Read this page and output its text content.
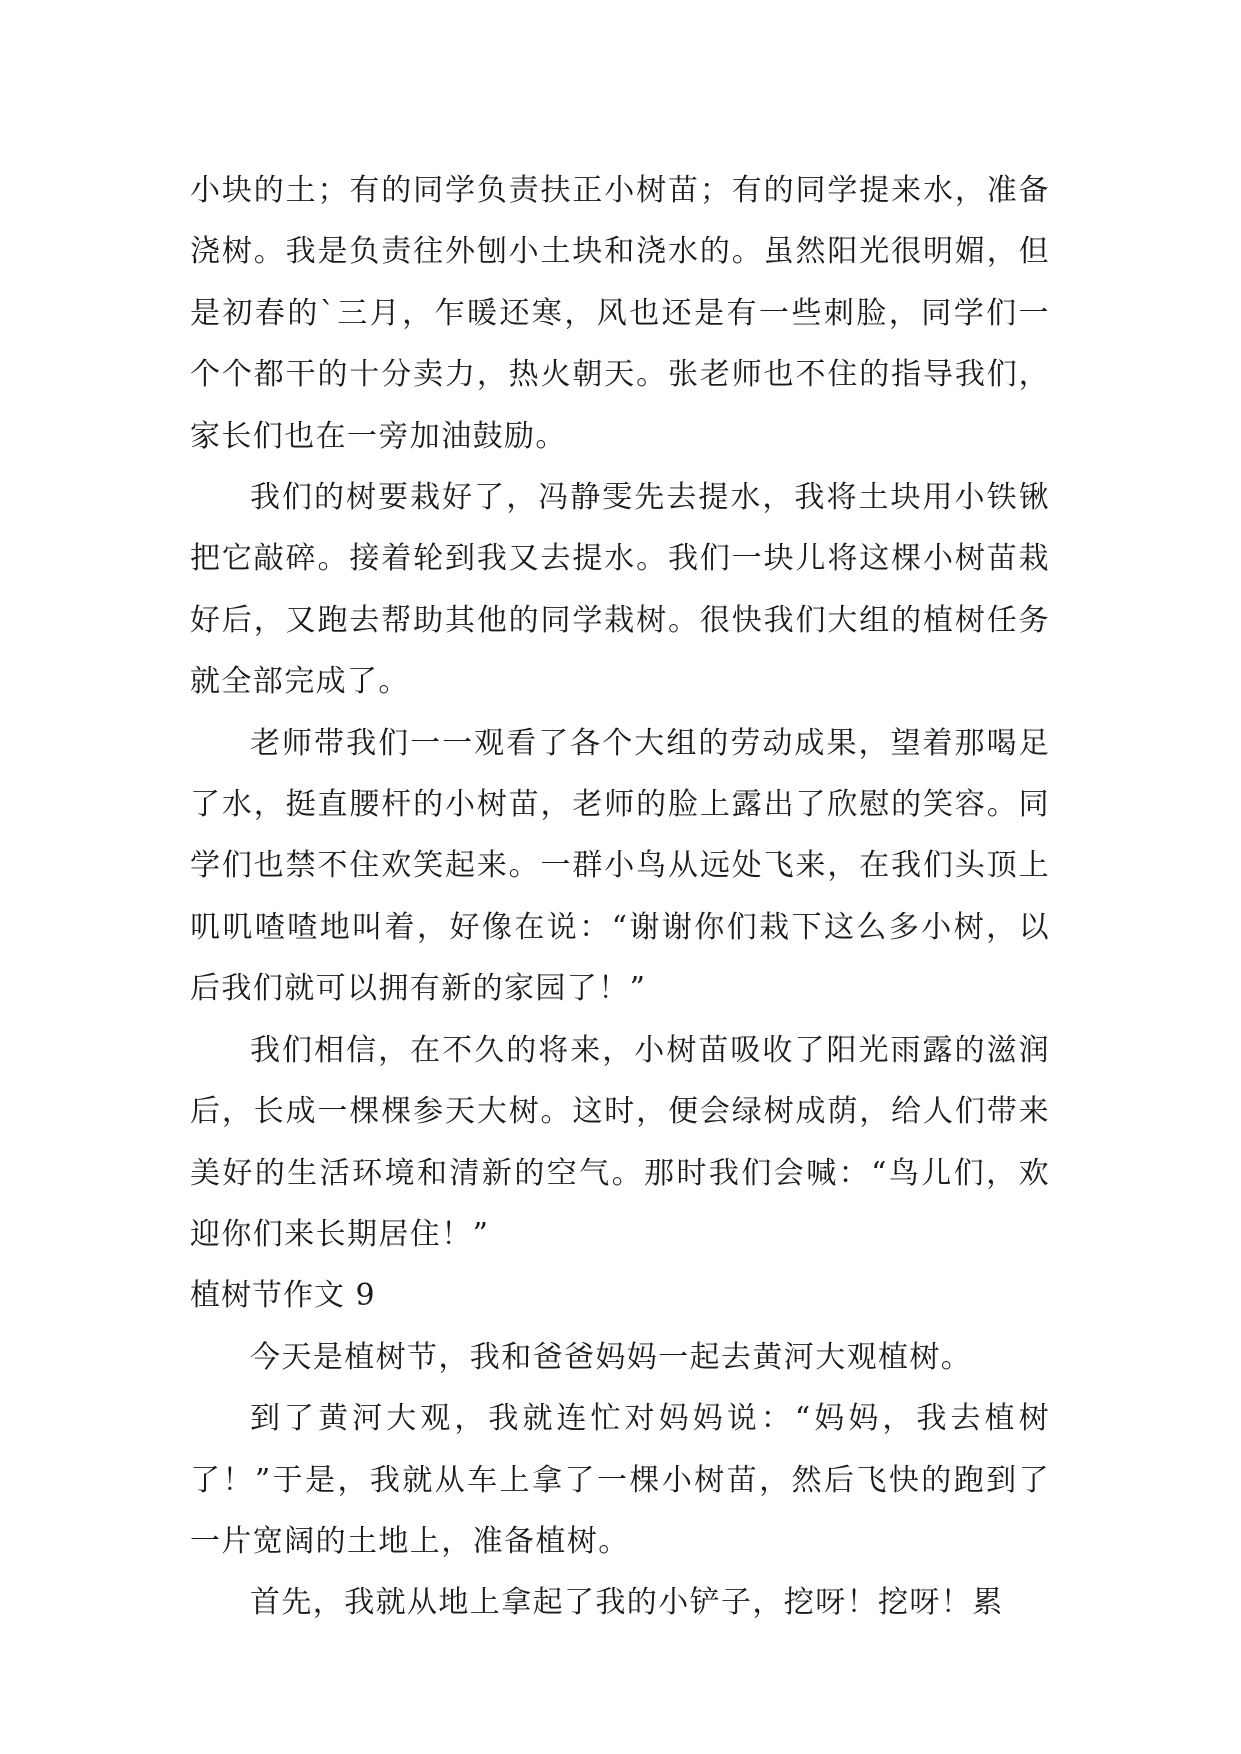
小块的土；有的同学负责扶正小树苗；有的同学提来水，准备浇树。我是负责往外刨小土块和浇水的。虽然阳光很明媚，但是初春的`三月，乍暖还寒，风也还是有一些刺脸，同学们一个个都干的十分卖力，热火朝天。张老师也不住的指导我们，家长们也在一旁加油鼓励。

我们的树要栽好了，冯静雯先去提水，我将土块用小铁锹把它敲碎。接着轮到我又去提水。我们一块儿将这棵小树苗栽好后，又跑去帮助其他的同学栽树。很快我们大组的植树任务就全部完成了。

老师带我们一一观看了各个大组的劳动成果，望着那喝足了水，挺直腰杆的小树苗，老师的脸上露出了欣慰的笑容。同学们也禁不住欢笑起来。一群小鸟从远处飞来，在我们头顶上叽叽喳喳地叫着，好像在说：“谢谢你们栽下这么多小树，以后我们就可以拥有新的家园了！”

我们相信，在不久的将来，小树苗吸收了阳光雨露的滋润后，长成一棵棵参天大树。这时，便会绿树成荫，给人们带来美好的生活环境和清新的空气。那时我们会喊：“鸟儿们，欢迎你们来长期居住！”

植树节作文 9

今天是植树节，我和爸爸妈妈一起去黄河大观植树。

到了黄河大观，我就连忙对妈妈说：“妈妈，我去植树了！”于是，我就从车上拿了一棵小树苗，然后飞快的跑到了一片宽阔的土地上，准备植树。

首先，我就从地上拿起了我的小铲子，挖呀！挖呀！累
